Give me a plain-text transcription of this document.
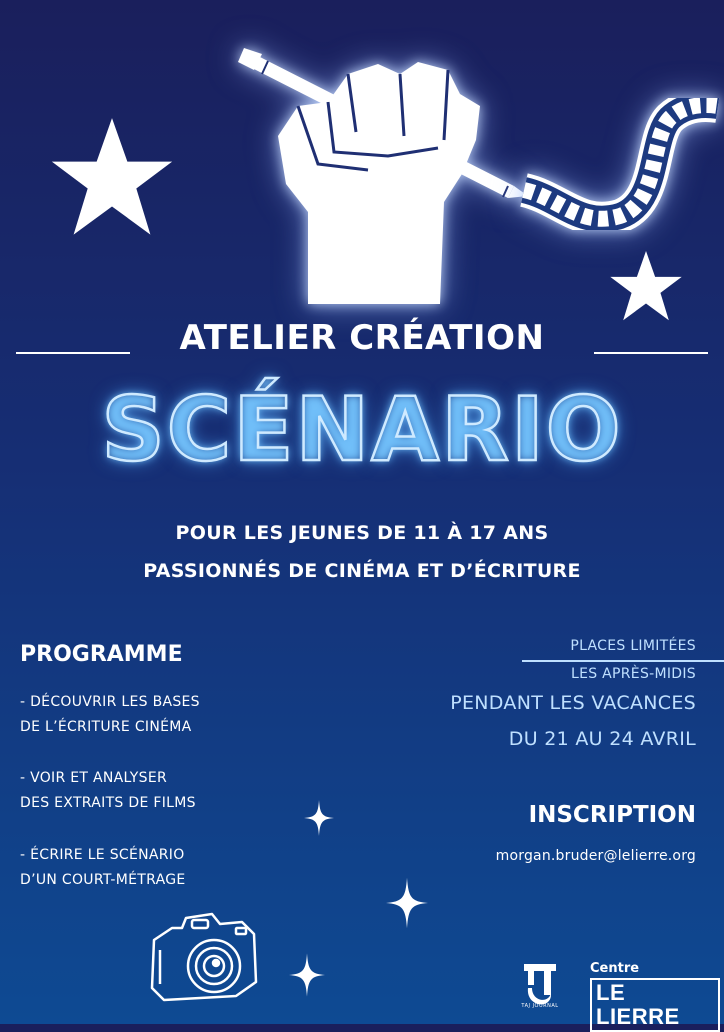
ATELIER CRÉATION
SCÉNARIO
POUR LES JEUNES DE 11 À 17 ANS
PASSIONNÉS DE CINÉMA ET D’ÉCRITURE
PROGRAMME
- DÉCOUVRIR LES BASES
DE L’ÉCRITURE CINÉMA
- VOIR ET ANALYSER
DES EXTRAITS DE FILMS
- ÉCRIRE LE SCÉNARIO
D’UN COURT-MÉTRAGE
PLACES LIMITÉES
LES APRÈS-MIDIS
PENDANT LES VACANCES
DU 21 AU 24 AVRIL
INSCRIPTION
morgan.bruder@lelierre.org
TAJ JOURNAL
Centre
LE LIERRE
